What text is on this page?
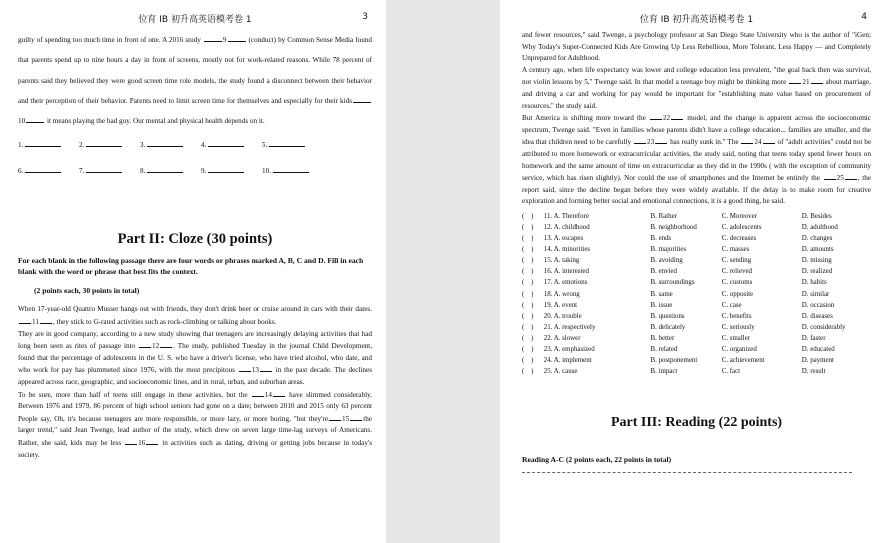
位育 IB 初升高英语模考卷 1	3

guilty of spending too much time in front of one. A 2016 study	9	(conduct) by Common Sense Media found that parents spend up to nine hours a day in front of screens, mostly not for work-related reasons. While 78 percent of parents said they believed they were good screen time role models, the study found a disconnect between their behavior and their perception of their behavior. Parents need to limit screen time for themselves and especially for their kids10	it means playing the bad guy. Our mental and physical health depends on it.

1.	2.	3.	4.	5.
6.	7.	8.	9.	10.
Part II: Cloze (30 points)
For each blank in the following passage there are four words or phrases marked A, B, C and D. Fill in each blank with the word or phrase that best fits the context.
(2 points each, 30 points in total)

When 17-year-old Quattro Musser hangs out with friends, they don't drink beer or cruise around in cars with their dates. 11 , they stick to G-rated activities such as rock-climbing or talking about books.

They are in good company, according to a new study showing that teenagers are increasingly delaying activities that had long been seen as rites of passage into 12 . The study, published Tuesday in the journal Child Development, found that the percentage of adolescents in the U. S. who have a driver's license, who have tried alcohol, who date, and who work for pay has plummeted since 1976, with the most precipitous 13 in the past decade. The declines appeared across race, geographic, and socioeconomic lines, and in rural, urban, and suburban areas.

To be sure, more than half of teens still engage in these activities, but the 14 have slimmed considerably. Between 1976 and 1979, 86 percent of high school seniors had gone on a date; between 2010 and 2015 only 63 percent People say, Oh, it's because teenagers are more responsible, or more lazy, or more boring, "but they're 15 the larger trend," said Jean Twenge, lead author of the study, which drew on seven large time-lag surveys of Americans. Rather, she said, kids may be less 16 in activities such as dating, driving or getting jobs because in today's society.

位育 IB 初升高英语模考卷 1	4

and fewer resources," said Twenge, a psychology professor at San Diego State University who is the author of "iGen; Why Today's Super-Connected Kids Are Growing Up Less Rebellious, More Tolerant, Less Happy — and Completely Unprepared for Adulthood.

A century ago, when life expectancy was lower and college education less prevalent, "the goal back then was survival, not violin lessons by 5," Twenge said. In that model a teenage boy might be thinking more 21 about marriage, and driving a car and working for pay would be important for "establishing mate value based on procurement of resources," the study said.

But America is shifting more toward the 22 model, and the change is apparent across the socioeconomic spectrum, Twenge said. "Even in families whose parents didn't have a college education... families are smaller, and the idea that children need to be carefully 23 has really sunk in." The 24 of "adult activities" could not be attributed to more homework or extracurricular activities, the study said, noting that teens today spend fewer hours on homework and the same amount of time on extracurricular as they did in the 1990s ( with the exception of community service, which has risen slightly). Nor could the use of smartphones and the Internet be entirely the 25 , the report said, since the decline began before they were widely available. If the delay is to make room for creative exploration and forming better social and emotional connections, it is a good thing, he said.

(　)	11. A. Therefore	B. Rather	C. Moreover	D. Besides
(　)	12. A. childhood	B. neighborhood	C. adolescents	D. adulthood
(　)	13. A. escapes	B. ends	C. decreases	D. changes
(　)	14. A. minorities	B. majorities	C. masses	D. amounts
(　)	15. A. taking	B. avoiding	C. sending	D. missing
(　)	16. A. interested	B. envied	C. relieved	D. realized
(　)	17. A. emotions	B. surroundings	C. customs	D. habits
(　)	18. A. wrong	B. same	C. opposite	D. similar
(　)	19. A. event	B. issue	C. case	D. occasion
(　)	20. A. trouble	B. questions	C. benefits	D. diseases
(　)	21. A. respectively	B. delicately	C. seriously	D. considerably
(　)	22. A. slower	B. better	C. smaller	D. faster
(　)	23. A. emphasized	B. related	C. organized	D. educated
(　)	24. A. implement	B. postponement	C. achievement	D. payment
(　)	25. A. cause	B. impact	C. fact	D. result
Part III: Reading (22 points)
Reading A-C (2 points each, 22 points in total)
